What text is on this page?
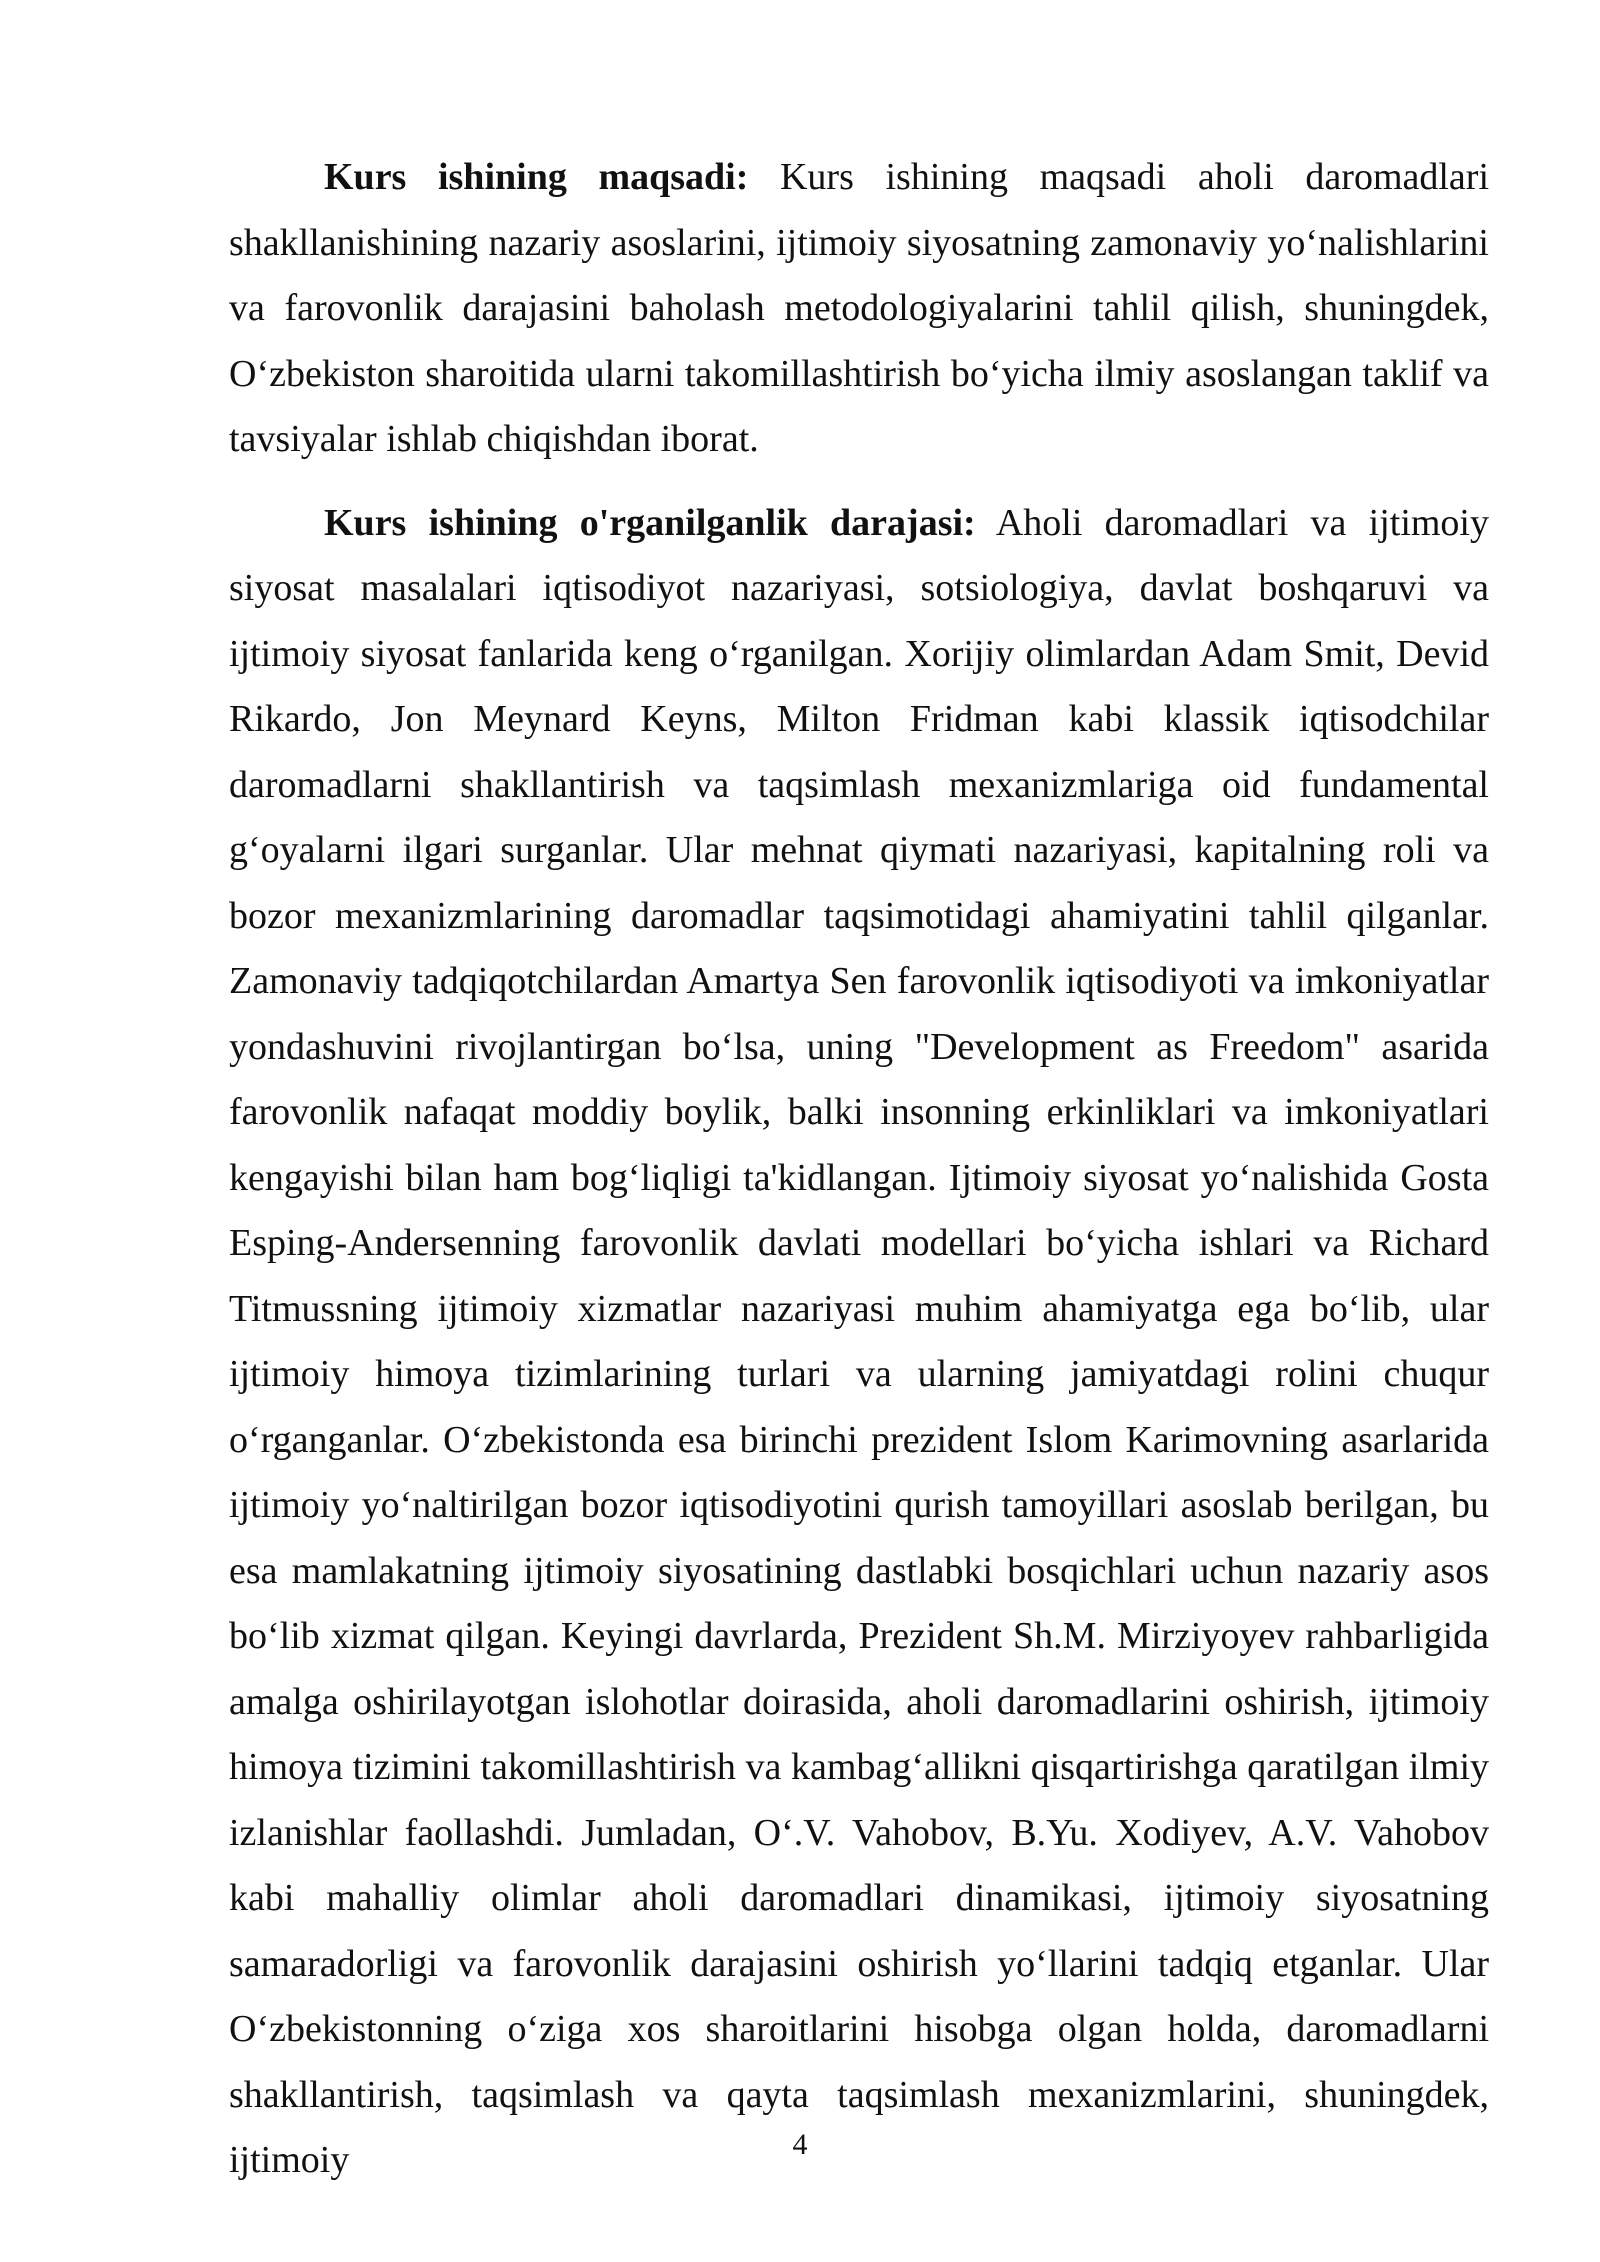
Kurs ishining maqsadi: Kurs ishining maqsadi aholi daromadlari shakllanishining nazariy asoslarini, ijtimoiy siyosatning zamonaviy yo‘nalishlarini va farovonlik darajasini baholash metodologiyalarini tahlil qilish, shuningdek, O‘zbekiston sharoitida ularni takomillashtirish bo‘yicha ilmiy asoslangan taklif va tavsiyalar ishlab chiqishdan iborat.

Kurs ishining o'rganilganlik darajasi: Aholi daromadlari va ijtimoiy siyosat masalalari iqtisodiyot nazariyasi, sotsiologiya, davlat boshqaruvi va ijtimoiy siyosat fanlarida keng o‘rganilgan. Xorijiy olimlardan Adam Smit, Devid Rikardo, Jon Meynard Keyns, Milton Fridman kabi klassik iqtisodchilar daromadlarni shakllantirish va taqsimlash mexanizmlariga oid fundamental g‘oyalarni ilgari surganlar. Ular mehnat qiymati nazariyasi, kapitalning roli va bozor mexanizmlarining daromadlar taqsimotidagi ahamiyatini tahlil qilganlar. Zamonaviy tadqiqotchilardan Amartya Sen farovonlik iqtisodiyoti va imkoniyatlar yondashuvini rivojlantirgan bo‘lsa, uning "Development as Freedom" asarida farovonlik nafaqat moddiy boylik, balki insonning erkinliklari va imkoniyatlari kengayishi bilan ham bog‘liqligi ta'kidlangan. Ijtimoiy siyosat yo‘nalishida Gosta Esping-Andersenning farovonlik davlati modellari bo‘yicha ishlari va Richard Titmussning ijtimoiy xizmatlar nazariyasi muhim ahamiyatga ega bo‘lib, ular ijtimoiy himoya tizimlarining turlari va ularning jamiyatdagi rolini chuqur o‘rganganlar. O‘zbekistonda esa birinchi prezident Islom Karimovning asarlarida ijtimoiy yo‘naltirilgan bozor iqtisodiyotini qurish tamoyillari asoslab berilgan, bu esa mamlakatning ijtimoiy siyosatining dastlabki bosqichlari uchun nazariy asos bo‘lib xizmat qilgan. Keyingi davrlarda, Prezident Sh.M. Mirziyoyev rahbarligida amalga oshirilayotgan islohotlar doirasida, aholi daromadlarini oshirish, ijtimoiy himoya tizimini takomillashtirish va kambag‘allikni qisqartirishga qaratilgan ilmiy izlanishlar faollashdi. Jumladan, O‘.V. Vahobov, B.Yu. Xodiyev, A.V. Vahobov kabi mahalliy olimlar aholi daromadlari dinamikasi, ijtimoiy siyosatning samaradorligi va farovonlik darajasini oshirish yo‘llarini tadqiq etganlar. Ular O‘zbekistonning o‘ziga xos sharoitlarini hisobga olgan holda, daromadlarni shakllantirish, taqsimlash va qayta taqsimlash mexanizmlarini, shuningdek, ijtimoiy	4
